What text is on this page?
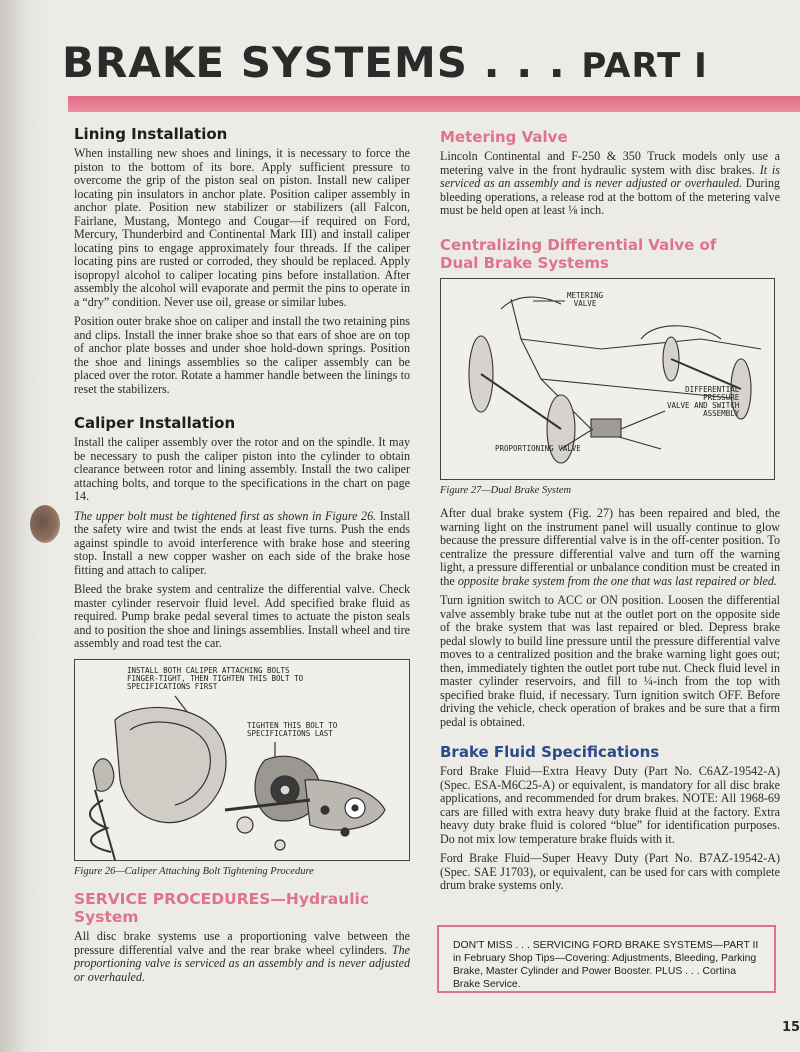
BRAKE SYSTEMS . . . PART I
Lining Installation

When installing new shoes and linings, it is necessary to force the piston to the bottom of its bore. Apply sufficient pressure to overcome the grip of the piston seal on piston. Install new caliper locating pin insulators in anchor plate. Position caliper assembly in anchor plate. Position new stabilizer or stabilizers (all Falcon, Fairlane, Mustang, Montego and Cougar—if required on Ford, Mercury, Thunderbird and Continental Mark III) and install caliper locating pins to engage approximately four threads. If the caliper locating pins are rusted or corroded, they should be replaced. Apply isopropyl alcohol to caliper locating pins before installation. After assembly the alcohol will evaporate and permit the pins to operate in a “dry” condition. Never use oil, grease or similar lubes.

Position outer brake shoe on caliper and install the two retaining pins and clips. Install the inner brake shoe so that ears of shoe are on top of anchor plate bosses and under shoe hold-down springs. Position the shoe and linings assemblies so the caliper assembly can be placed over the rotor. Rotate a hammer handle between the linings to reset the stabilizers.

Caliper Installation

Install the caliper assembly over the rotor and on the spindle. It may be necessary to push the caliper piston into the cylinder to obtain clearance between rotor and lining assembly. Install the two caliper attaching bolts, and torque to the specifications in the chart on page 14.

The upper bolt must be tightened first as shown in Figure 26. Install the safety wire and twist the ends at least five turns. Push the ends against spindle to avoid interference with brake hose and steering stop. Install a new copper washer on each side of the brake hose fitting and attach to caliper.

Bleed the brake system and centralize the differential valve. Check master cylinder reservoir fluid level. Add specified brake fluid as required. Pump brake pedal several times to actuate the piston seals and to position the shoe and linings assemblies. Install wheel and tire assembly and road test the car.

INSTALL BOTH CALIPER ATTACHING BOLTS
FINGER-TIGHT, THEN TIGHTEN THIS BOLT TO
SPECIFICATIONS FIRST
TIGHTEN THIS BOLT TO
SPECIFICATIONS LAST

Figure 26—Caliper Attaching Bolt Tightening Procedure

SERVICE PROCEDURES—Hydraulic System

All disc brake systems use a proportioning valve between the pressure differential valve and the rear brake wheel cylinders. The proportioning valve is serviced as an assembly and is never adjusted or overhauled.

Metering Valve

Lincoln Continental and F-250 & 350 Truck models only use a metering valve in the front hydraulic system with disc brakes. It is serviced as an assembly and is never adjusted or overhauled. During bleeding operations, a release rod at the bottom of the metering valve must be held open at least ⅛ inch.

Centralizing Differential Valve of
Dual Brake Systems
METERING
VALVE
DIFFERENTIAL
PRESSURE
VALVE AND SWITCH
ASSEMBLY
PROPORTIONING VALVE

Figure 27—Dual Brake System

After dual brake system (Fig. 27) has been repaired and bled, the warning light on the instrument panel will usually continue to glow because the pressure differential valve is in the off-center position. To centralize the pressure differential valve and turn off the warning light, a pressure differential or unbalance condition must be created in the opposite brake system from the one that was last repaired or bled.

Turn ignition switch to ACC or ON position. Loosen the differential valve assembly brake tube nut at the outlet port on the opposite side of the brake system that was last repaired or bled. Depress brake pedal slowly to build line pressure until the pressure differential valve moves to a centralized position and the brake warning light goes out; then, immediately tighten the outlet port tube nut. Check fluid level in master cylinder reservoirs, and fill to ¼-inch from the top with specified brake fluid, if necessary. Turn ignition switch OFF. Before driving the vehicle, check operation of brakes and be sure that a firm pedal is obtained.

Brake Fluid Specifications

Ford Brake Fluid—Extra Heavy Duty (Part No. C6AZ-19542-A) (Spec. ESA-M6C25-A) or equivalent, is mandatory for all disc brake applications, and recommended for drum brakes. NOTE: All 1968-69 cars are filled with extra heavy duty brake fluid at the factory. Extra heavy duty brake fluid is colored “blue” for identification purposes. Do not mix low temperature brake fluids with it.

Ford Brake Fluid—Super Heavy Duty (Part No. B7AZ-19542-A) (Spec. SAE J1703), or equivalent, can be used for cars with complete drum brake systems only.

DON'T MISS . . . SERVICING FORD BRAKE SYSTEMS—PART II in February Shop Tips—Covering: Adjustments, Bleeding, Parking Brake, Master Cylinder and Power Booster. PLUS . . . Cortina Brake Service.
15
